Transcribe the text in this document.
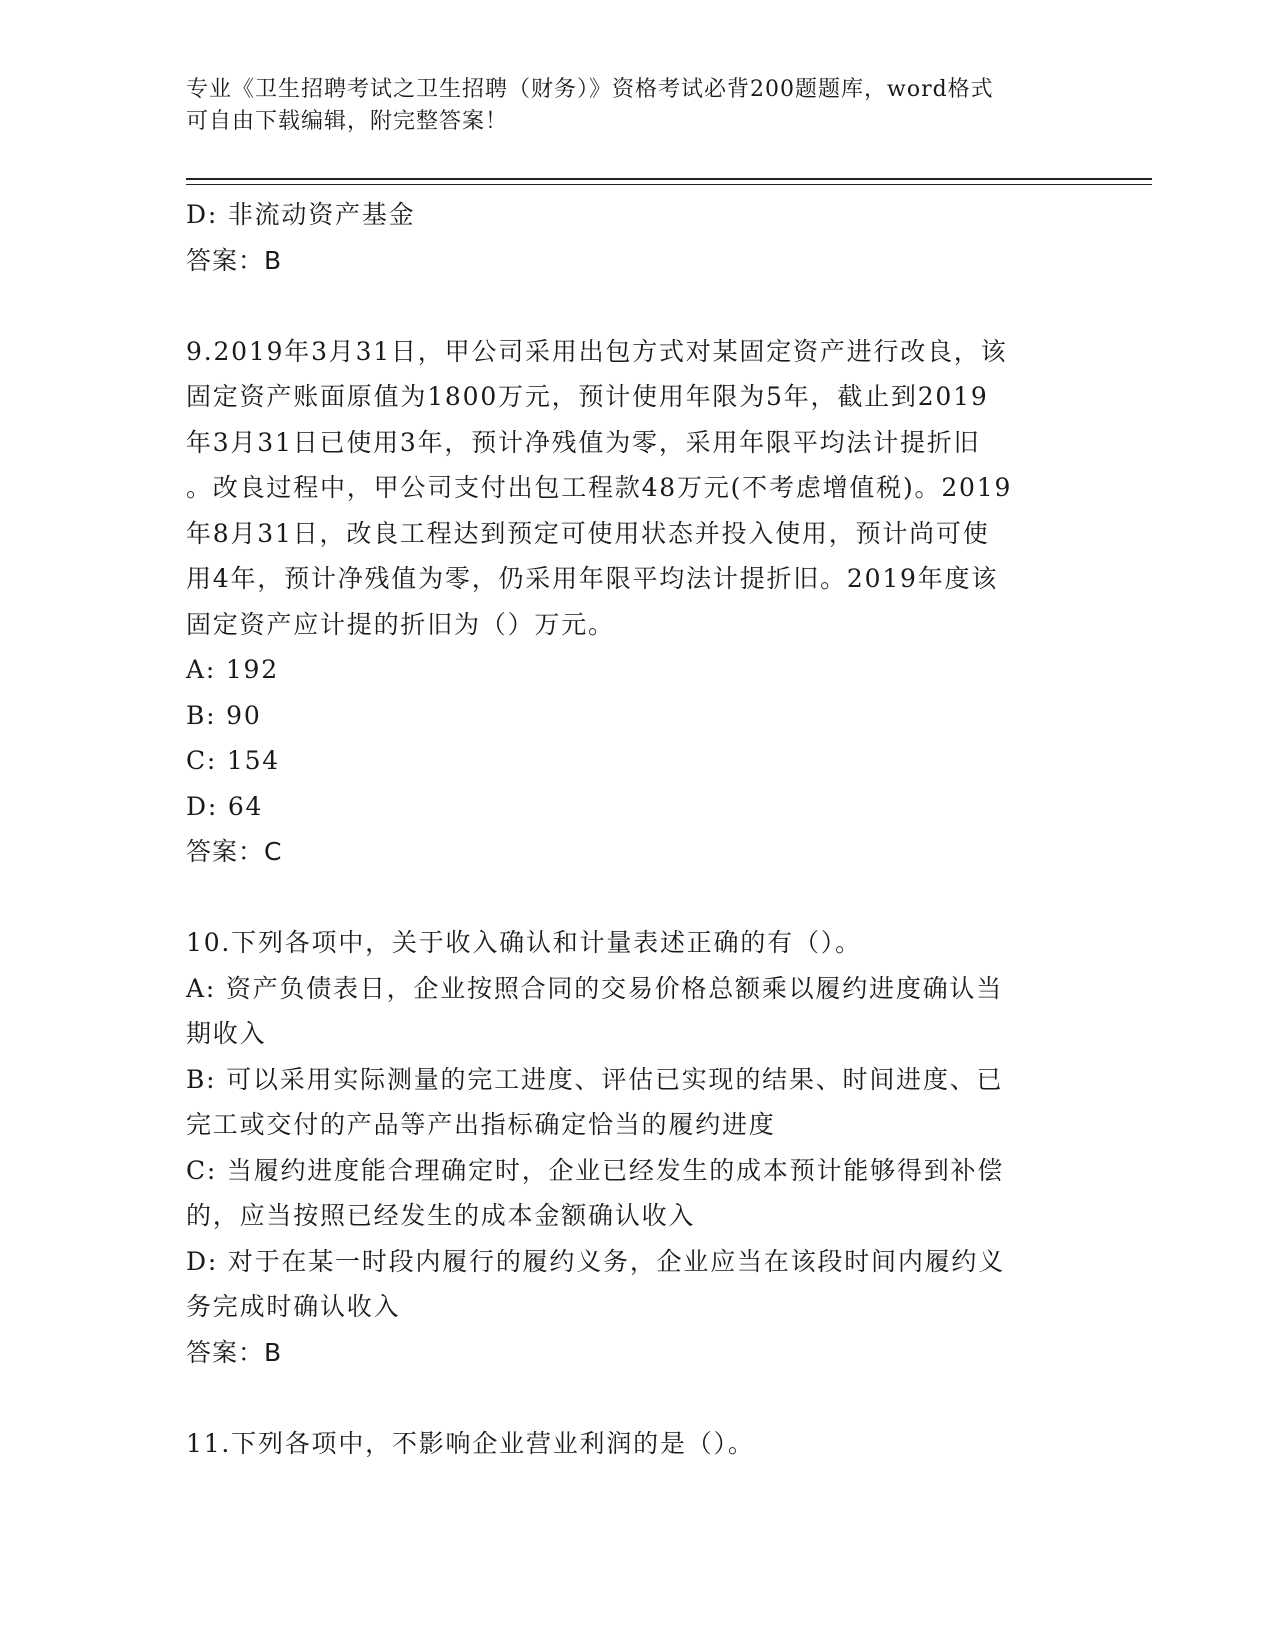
专业《卫生招聘考试之卫生招聘（财务）》资格考试必背200题题库，word格式
可自由下载编辑，附完整答案！
D: 非流动资产基金
答案：B
9.2019年3月31日，甲公司采用出包方式对某固定资产进行改良，该
固定资产账面原值为1800万元，预计使用年限为5年，截止到2019
年3月31日已使用3年，预计净残值为零，采用年限平均法计提折旧
。改良过程中，甲公司支付出包工程款48万元(不考虑增值税)。2019
年8月31日，改良工程达到预定可使用状态并投入使用，预计尚可使
用4年，预计净残值为零，仍采用年限平均法计提折旧。2019年度该
固定资产应计提的折旧为（）万元。
A: 192
B: 90
C: 154
D: 64
答案：C
10.下列各项中，关于收入确认和计量表述正确的有（）。
A: 资产负债表日，企业按照合同的交易价格总额乘以履约进度确认当
期收入
B: 可以采用实际测量的完工进度、评估已实现的结果、时间进度、已
完工或交付的产品等产出指标确定恰当的履约进度
C: 当履约进度能合理确定时，企业已经发生的成本预计能够得到补偿
的，应当按照已经发生的成本金额确认收入
D: 对于在某一时段内履行的履约义务，企业应当在该段时间内履约义
务完成时确认收入
答案：B
11.下列各项中，不影响企业营业利润的是（）。
